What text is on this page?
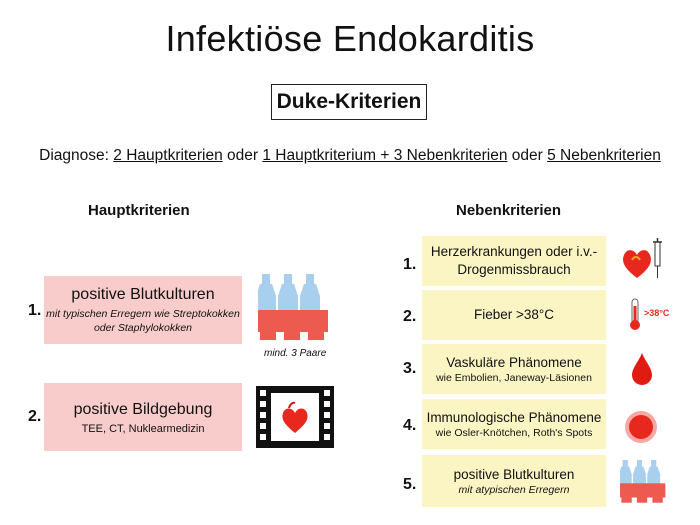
Infektiöse Endokarditis
Duke-Kriterien
Diagnose: 2 Hauptkriterien oder 1 Hauptkriterium + 3 Nebenkriterien oder 5 Nebenkriterien
Hauptkriterien
1.
positive Blutkulturen
mit typischen Erregern wie Streptokokken oder Staphylokokken
mind. 3 Paare
2.	positive Bildgebung
TEE, CT, Nuklearmedizin
Nebenkriterien
1.
Herzerkrankungen oder i.v.-Drogenmissbrauch
2.	Fieber >38°C	>38°C
3. Vaskuläre Phänomene
wie Embolien, Janeway-Läsionen
4. Immunologische Phänomene
wie Osler-Knötchen, Roth's Spots
5.
positive Blutkulturen
mit atypischen Erregern
